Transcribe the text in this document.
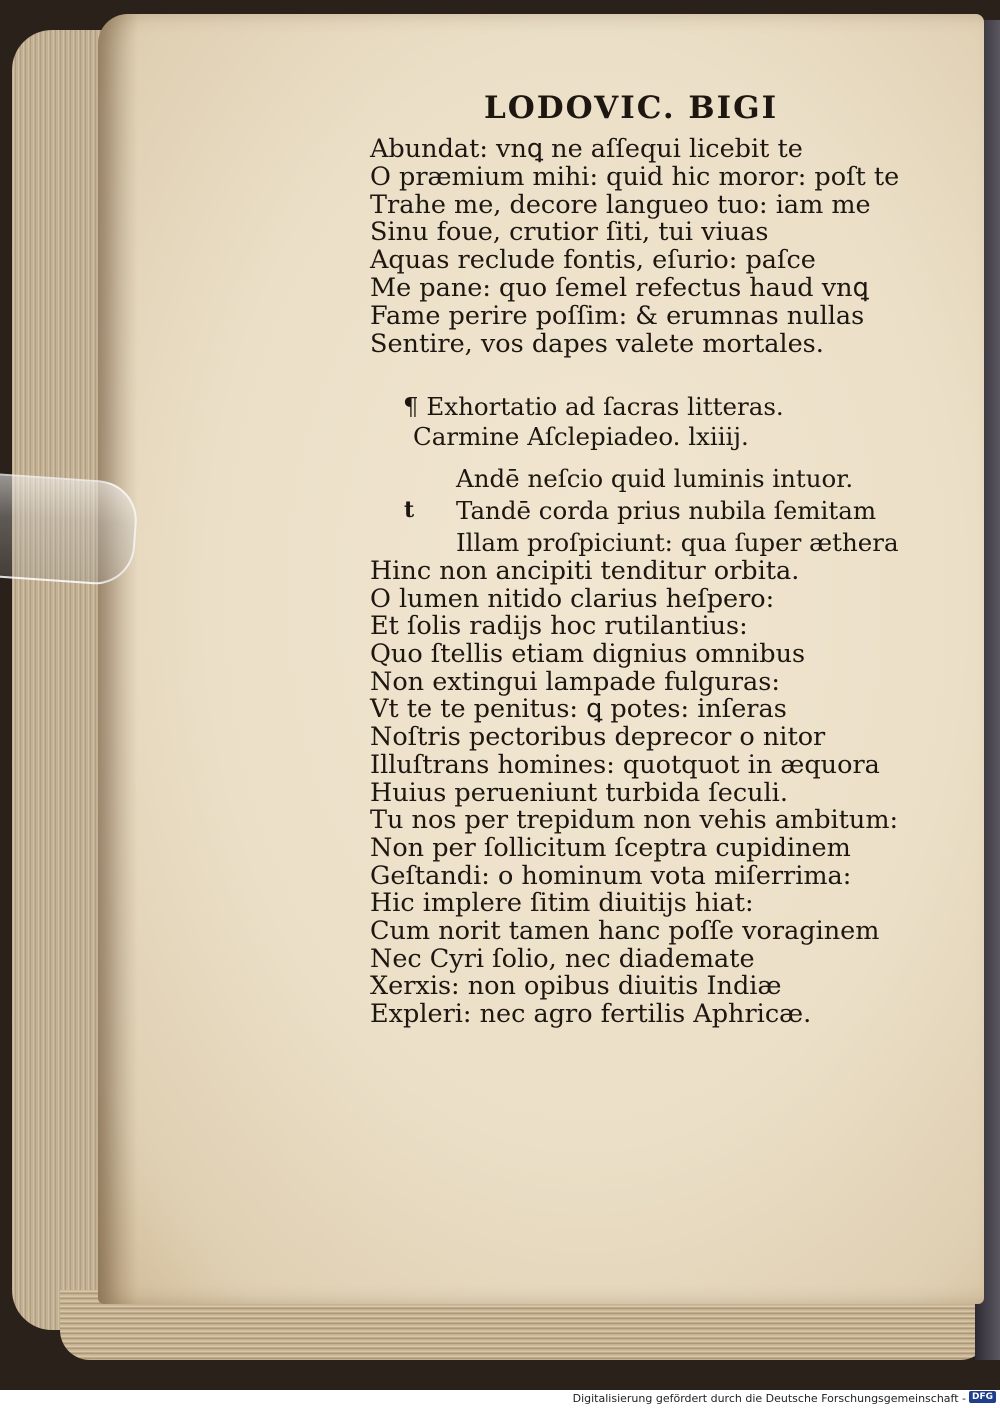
LODOVIC. BIGI
Abundat: vnꝗ ne aſſequi licebit te
O præmium mihi: quid hic moror: poſt te
Trahe me, decore langueo tuo: iam me
Sinu foue, crutior ſiti, tui viuas
Aquas reclude fontis, eſurio: paſce
Me pane: quo ſemel refectus haud vnꝗ
Fame perire poſſim: & erumnas nullas
Sentire, vos dapes valete mortales.
¶ Exhortatio ad ſacras litteras.
Carmine Aſclepiadeo. lxiiij.
t
Andē neſcio quid luminis intuor.
Tandē corda prius nubila ſemitam
Illam proſpiciunt: qua ſuper æthera
Hinc non ancipiti tenditur orbita.
O lumen nitido clarius heſpero:
Et ſolis radijs hoc rutilantius:
Quo ſtellis etiam dignius omnibus
Non extingui lampade fulguras:
Vt te te penitus: ꝗ potes: inſeras
Noſtris pectoribus deprecor o nitor
Illuſtrans homines: quotquot in æquora
Huius perueniunt turbida ſeculi.
Tu nos per trepidum non vehis ambitum:
Non per ſollicitum ſceptra cupidinem
Geſtandi: o hominum vota miſerrima:
Hic implere ſitim diuitijs hiat:
Cum norit tamen hanc poſſe voraginem
Nec Cyri ſolio, nec diademate
Xerxis: non opibus diuitis Indiæ
Expleri: nec agro fertilis Aphricæ.
Digitalisierung gefördert durch die Deutsche Forschungsgemeinschaft - DFG
